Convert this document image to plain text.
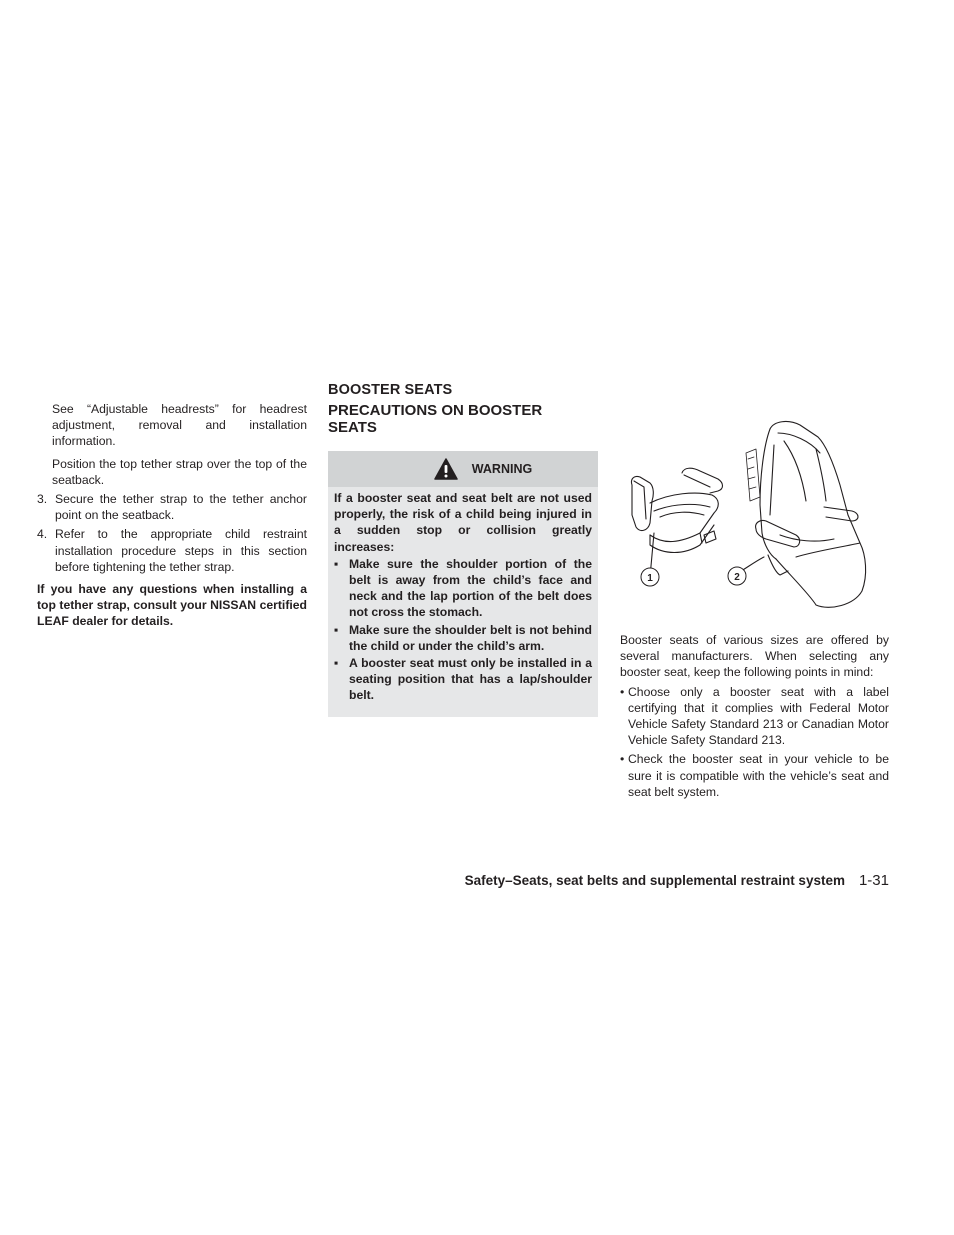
See “Adjustable headrests” for headrest adjustment, removal and installation information.

Position the top tether strap over the top of the seatback.

3. Secure the tether strap to the tether anchor point on the seatback.

4. Refer to the appropriate child restraint installation procedure steps in this section before tightening the tether strap.

If you have any questions when installing a top tether strap, consult your NISSAN certified LEAF dealer for details.

BOOSTER SEATS
PRECAUTIONS ON BOOSTER SEATS
WARNING

If a booster seat and seat belt are not used properly, the risk of a child being injured in a sudden stop or collision greatly increases:

▪ Make sure the shoulder portion of the belt is away from the child’s face and neck and the lap portion of the belt does not cross the stomach.
▪ Make sure the shoulder belt is not behind the child or under the child’s arm.
▪ A booster seat must only be installed in a seating position that has a lap/shoulder belt.
1	2

Booster seats of various sizes are offered by several manufacturers. When selecting any booster seat, keep the following points in mind:

• Choose only a booster seat with a label certifying that it complies with Federal Motor Vehicle Safety Standard 213 or Canadian Motor Vehicle Safety Standard 213.
• Check the booster seat in your vehicle to be sure it is compatible with the vehicle’s seat and seat belt system.
Safety–Seats, seat belts and supplemental restraint system 1-31
